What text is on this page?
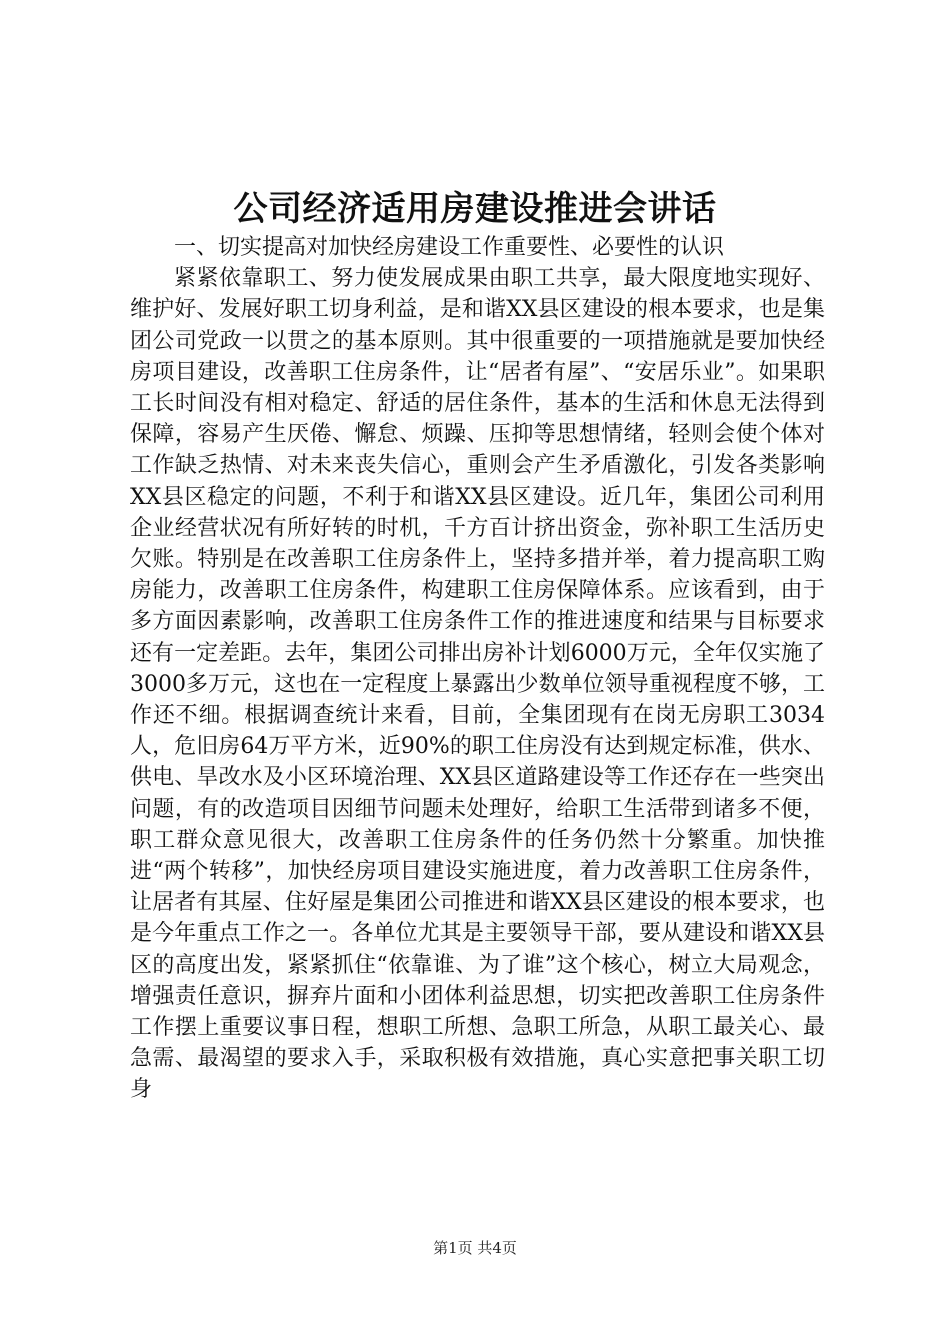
公司经济适用房建设推进会讲话

一、切实提高对加快经房建设工作重要性、必要性的认识

紧紧依靠职工、努力使发展成果由职工共享，最大限度地实现好、维护好、发展好职工切身利益，是和谐XX县区建设的根本要求，也是集团公司党政一以贯之的基本原则。其中很重要的一项措施就是要加快经房项目建设，改善职工住房条件，让“居者有屋”、“安居乐业”。如果职工长时间没有相对稳定、舒适的居住条件，基本的生活和休息无法得到保障，容易产生厌倦、懈怠、烦躁、压抑等思想情绪，轻则会使个体对工作缺乏热情、对未来丧失信心，重则会产生矛盾激化，引发各类影响XX县区稳定的问题，不利于和谐XX县区建设。近几年，集团公司利用企业经营状况有所好转的时机，千方百计挤出资金，弥补职工生活历史欠账。特别是在改善职工住房条件上，坚持多措并举，着力提高职工购房能力，改善职工住房条件，构建职工住房保障体系。应该看到，由于多方面因素影响，改善职工住房条件工作的推进速度和结果与目标要求还有一定差距。去年，集团公司排出房补计划6000万元，全年仅实施了3000多万元，这也在一定程度上暴露出少数单位领导重视程度不够，工作还不细。根据调查统计来看，目前，全集团现有在岗无房职工3034人，危旧房64万平方米，近90%的职工住房没有达到规定标准，供水、供电、旱改水及小区环境治理、XX县区道路建设等工作还存在一些突出问题，有的改造项目因细节问题未处理好，给职工生活带到诸多不便，职工群众意见很大，改善职工住房条件的任务仍然十分繁重。加快推进“两个转移”，加快经房项目建设实施进度，着力改善职工住房条件，让居者有其屋、住好屋是集团公司推进和谐XX县区建设的根本要求，也是今年重点工作之一。各单位尤其是主要领导干部，要从建设和谐XX县区的高度出发，紧紧抓住“依靠谁、为了谁”这个核心，树立大局观念，增强责任意识，摒弃片面和小团体利益思想，切实把改善职工住房条件工作摆上重要议事日程，想职工所想、急职工所急，从职工最关心、最急需、最渴望的要求入手，采取积极有效措施，真心实意把事关职工切身

第1页 共4页
